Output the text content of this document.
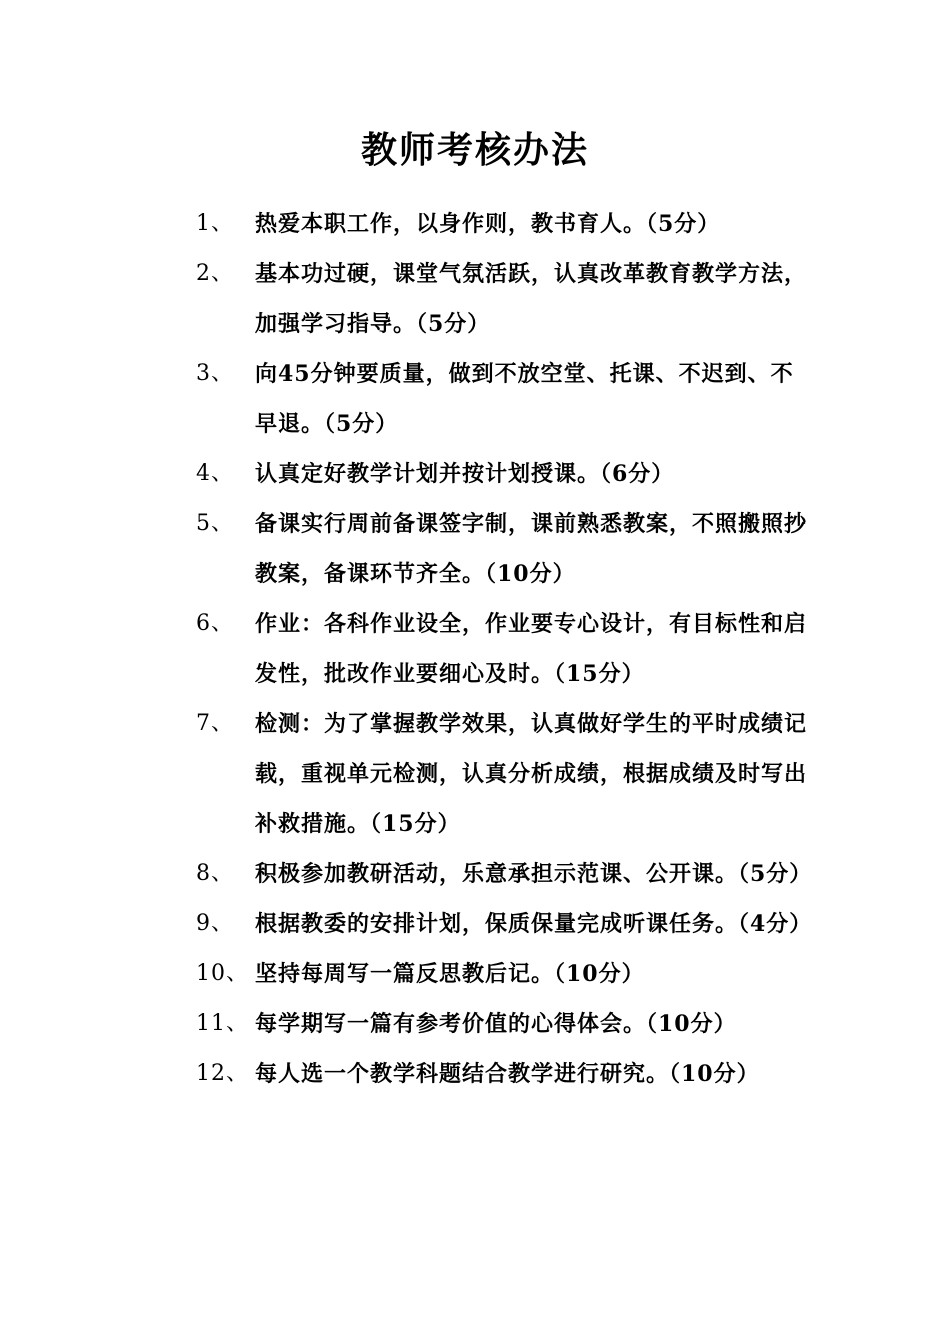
教师考核办法
1、 热爱本职工作，以身作则，教书育人。（5分）
2、 基本功过硬，课堂气氛活跃，认真改革教育教学方法，加强学习指导。（5分）
3、 向45分钟要质量，做到不放空堂、托课、不迟到、不早退。（5分）
4、 认真定好教学计划并按计划授课。（6分）
5、 备课实行周前备课签字制，课前熟悉教案，不照搬照抄教案，备课环节齐全。（10分）
6、 作业：各科作业设全，作业要专心设计，有目标性和启发性，批改作业要细心及时。（15分）
7、 检测：为了掌握教学效果，认真做好学生的平时成绩记载，重视单元检测，认真分析成绩，根据成绩及时写出补救措施。（15分）
8、 积极参加教研活动，乐意承担示范课、公开课。（5分）
9、 根据教委的安排计划，保质保量完成听课任务。（4分）
10、 坚持每周写一篇反思教后记。（10分）
11、 每学期写一篇有参考价值的心得体会。（10分）
12、 每人选一个教学科题结合教学进行研究。（10分）
